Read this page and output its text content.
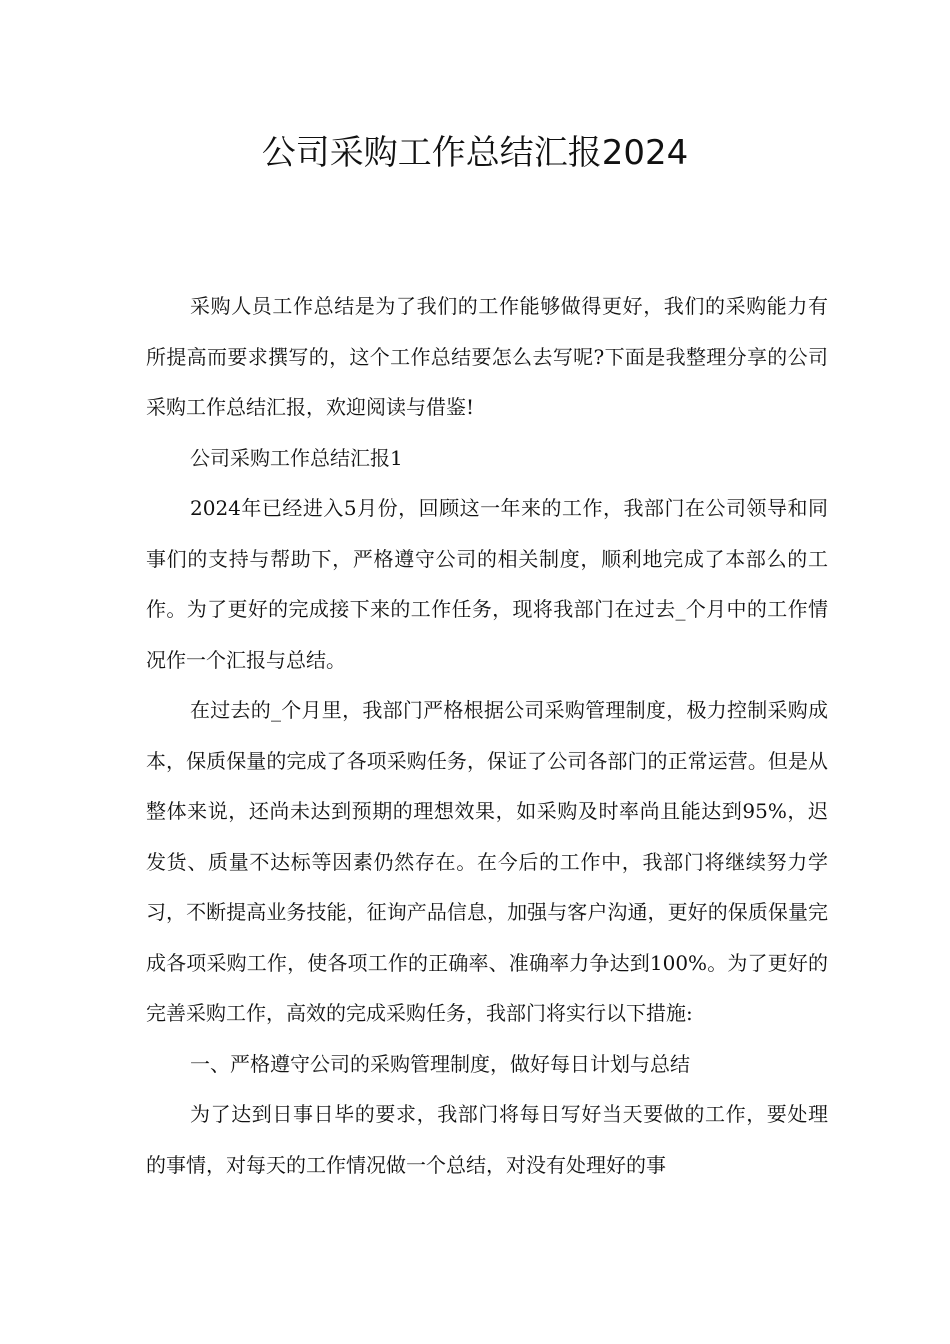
公司采购工作总结汇报2024

采购人员工作总结是为了我们的工作能够做得更好，我们的采购能力有所提高而要求撰写的，这个工作总结要怎么去写呢?下面是我整理分享的公司采购工作总结汇报，欢迎阅读与借鉴!

公司采购工作总结汇报1

2024年已经进入5月份，回顾这一年来的工作，我部门在公司领导和同事们的支持与帮助下，严格遵守公司的相关制度，顺利地完成了本部么的工作。为了更好的完成接下来的工作任务，现将我部门在过去_个月中的工作情况作一个汇报与总结。

在过去的_个月里，我部门严格根据公司采购管理制度，极力控制采购成本，保质保量的完成了各项采购任务，保证了公司各部门的正常运营。但是从整体来说，还尚未达到预期的理想效果，如采购及时率尚且能达到95%，迟发货、质量不达标等因素仍然存在。在今后的工作中，我部门将继续努力学习，不断提高业务技能，征询产品信息，加强与客户沟通，更好的保质保量完成各项采购工作，使各项工作的正确率、准确率力争达到100%。为了更好的完善采购工作，高效的完成采购任务，我部门将实行以下措施:

一、严格遵守公司的采购管理制度，做好每日计划与总结

为了达到日事日毕的要求，我部门将每日写好当天要做的工作，要处理的事情，对每天的工作情况做一个总结，对没有处理好的事
